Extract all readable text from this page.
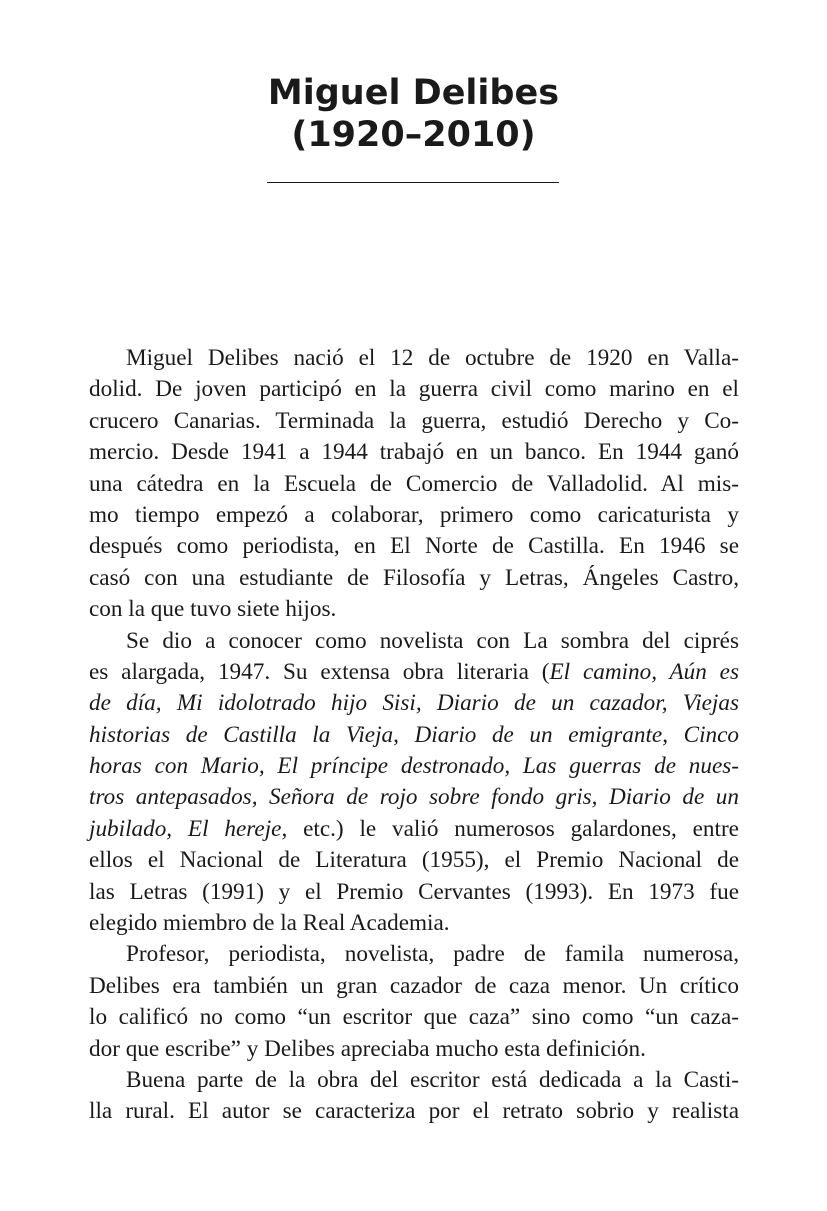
Miguel Delibes
(1920–2010)
Miguel Delibes nació el 12 de octubre de 1920 en Valla-
dolid. De joven participó en la guerra civil como marino en el
crucero Canarias. Terminada la guerra, estudió Derecho y Co-
mercio. Desde 1941 a 1944 trabajó en un banco. En 1944 ganó
una cátedra en la Escuela de Comercio de Valladolid. Al mis-
mo tiempo empezó a colaborar, primero como caricaturista y
después como periodista, en El Norte de Castilla. En 1946 se
casó con una estudiante de Filosofía y Letras, Ángeles Castro,
con la que tuvo siete hijos.
Se dio a conocer como novelista con La sombra del ciprés
es alargada, 1947. Su extensa obra literaria (El camino, Aún es
de día, Mi idolotrado hijo Sisi, Diario de un cazador, Viejas
historias de Castilla la Vieja, Diario de un emigrante, Cinco
horas con Mario, El príncipe destronado, Las guerras de nues-
tros antepasados, Señora de rojo sobre fondo gris, Diario de un
jubilado, El hereje, etc.) le valió numerosos galardones, entre
ellos el Nacional de Literatura (1955), el Premio Nacional de
las Letras (1991) y el Premio Cervantes (1993). En 1973 fue
elegido miembro de la Real Academia.
Profesor, periodista, novelista, padre de famila numerosa,
Delibes era también un gran cazador de caza menor. Un crítico
lo calificó no como “un escritor que caza” sino como “un caza-
dor que escribe” y Delibes apreciaba mucho esta definición.
Buena parte de la obra del escritor está dedicada a la Casti-
lla rural. El autor se caracteriza por el retrato sobrio y realista
